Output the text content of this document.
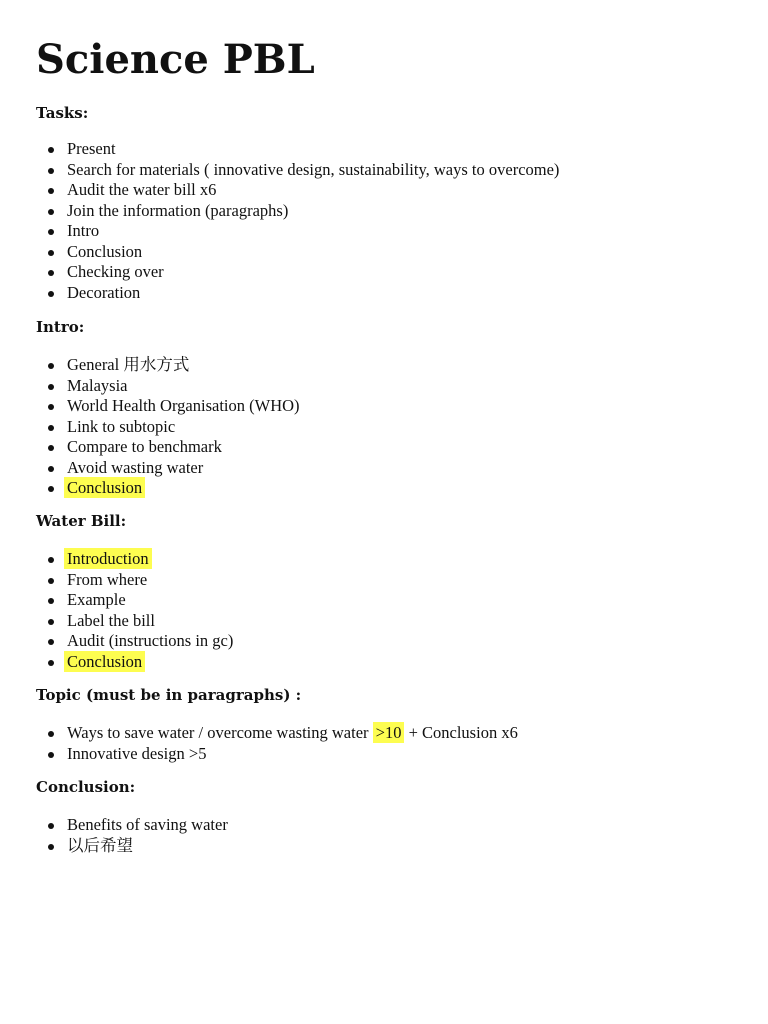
Science PBL

Tasks:

Present
Search for materials ( innovative design, sustainability, ways to overcome)
Audit the water bill x6
Join the information (paragraphs)
Intro
Conclusion
Checking over
Decoration

Intro:

General 用水方式
Malaysia
World Health Organisation (WHO)
Link to subtopic
Compare to benchmark
Avoid wasting water
Conclusion

Water Bill:

Introduction
From where
Example
Label the bill
Audit (instructions in gc)
Conclusion

Topic (must be in paragraphs) :

Ways to save water / overcome wasting water >10 + Conclusion x6
Innovative design >5

Conclusion:

Benefits of saving water
以后希望
